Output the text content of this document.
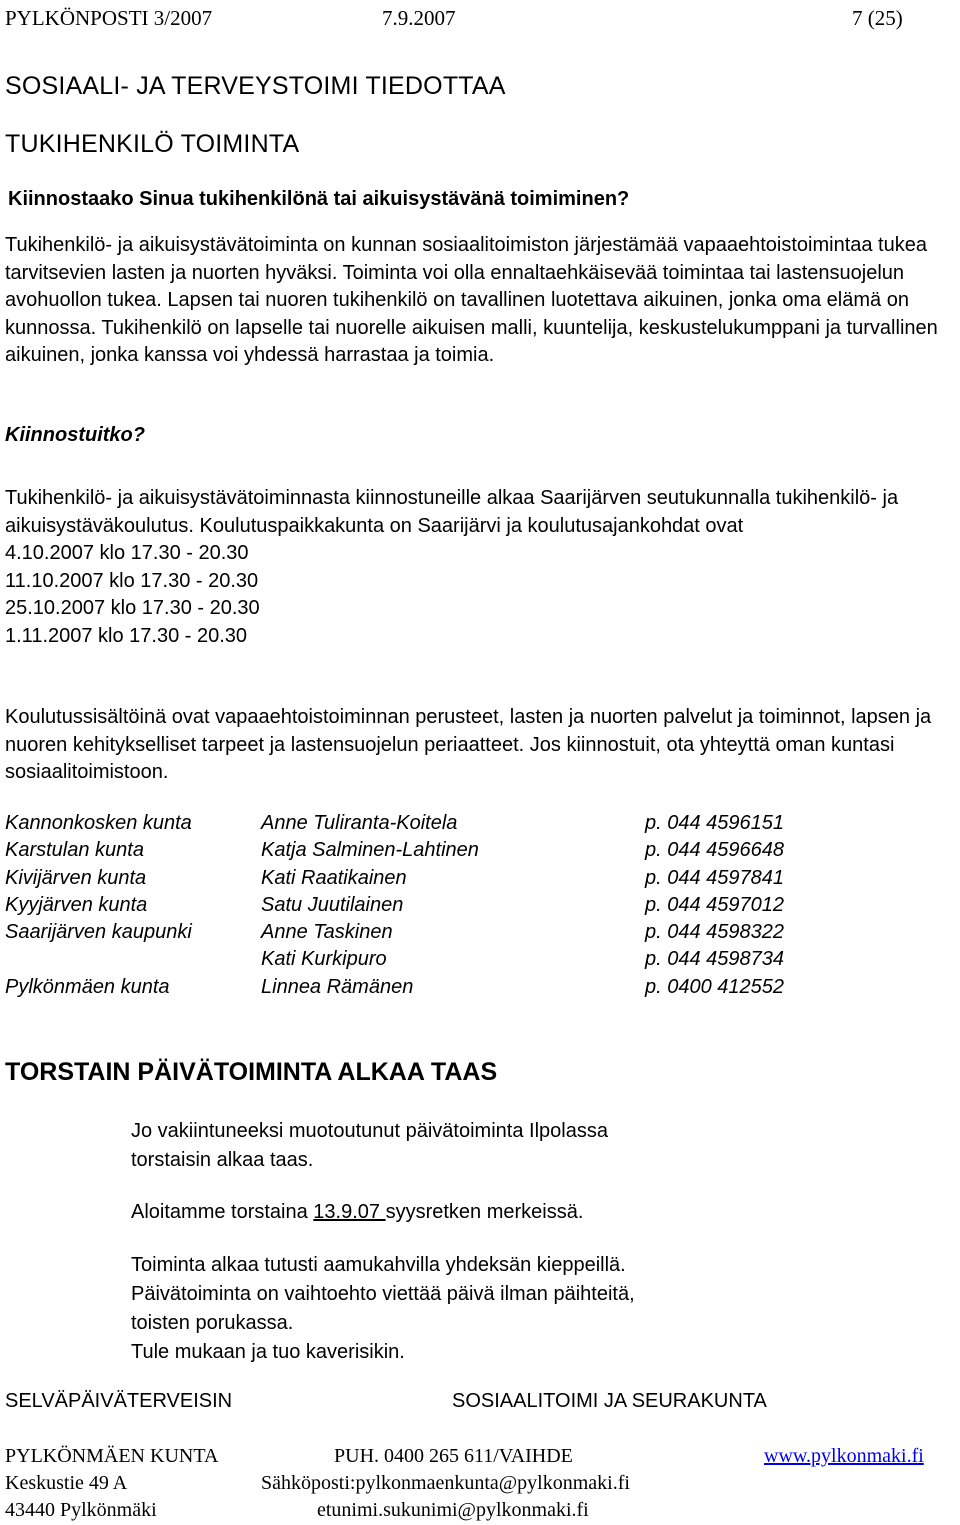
PYLKÖNPOSTI 3/2007	7.9.2007	7 (25)
SOSIAALI- JA TERVEYSTOIMI TIEDOTTAA
TUKIHENKILÖ TOIMINTA
Kiinnostaako Sinua tukihenkilönä tai aikuisystävänä toimiminen?

Tukihenkilö- ja aikuisystävätoiminta on kunnan sosiaalitoimiston järjestämää vapaaehtoistoimintaa tukea tarvitsevien lasten ja nuorten hyväksi. Toiminta voi olla ennaltaehkäisevää toimintaa tai lastensuojelun avohuollon tukea. Lapsen tai nuoren tukihenkilö on tavallinen luotettava aikuinen, jonka oma elämä on kunnossa. Tukihenkilö on lapselle tai nuorelle aikuisen malli, kuuntelija, keskustelukumppani ja turvallinen aikuinen, jonka kanssa voi yhdessä harrastaa ja toimia.

Kiinnostuitko?

Tukihenkilö- ja aikuisystävätoiminnasta kiinnostuneille alkaa Saarijärven seutukunnalla tukihenkilö- ja aikuisystäväkoulutus. Koulutuspaikkakunta on Saarijärvi ja koulutusajankohdat ovat

4.10.2007 klo 17.30 - 20.30

11.10.2007 klo 17.30 - 20.30

25.10.2007 klo 17.30 - 20.30

1.11.2007 klo 17.30 - 20.30

Koulutussisältöinä ovat vapaaehtoistoiminnan perusteet, lasten ja nuorten palvelut ja toiminnot, lapsen ja nuoren kehitykselliset tarpeet ja lastensuojelun periaatteet. Jos kiinnostuit, ota yhteyttä oman kuntasi sosiaalitoimistoon.

Kannonkosken kunta	Anne Tuliranta-Koitela	p. 044 4596151
Karstulan kunta	Katja Salminen-Lahtinen	p. 044 4596648
Kivijärven kunta	Kati Raatikainen	p. 044 4597841
Kyyjärven kunta	Satu Juutilainen	p. 044 4597012
Saarijärven kaupunki	Anne Taskinen	p. 044 4598322
	Kati Kurkipuro	p. 044 4598734
Pylkönmäen kunta	Linnea Rämänen	p. 0400 412552
TORSTAIN PÄIVÄTOIMINTA ALKAA TAAS

Jo vakiintuneeksi muotoutunut päivätoiminta Ilpolassa

torstaisin alkaa taas.

Aloitamme torstaina 13.9.07 syysretken merkeissä.

Toiminta alkaa tutusti aamukahvilla yhdeksän kieppeillä.

Päivätoiminta on vaihtoehto viettää päivä ilman päihteitä,

toisten porukassa.

Tule mukaan ja tuo kaverisikin.

SELVÄPÄIVÄTERVEISIN	SOSIAALITOIMI JA SEURAKUNTA
PYLKÖNMÄEN KUNTA	PUH. 0400 265 611/VAIHDE	www.pylkonmaki.fi
Keskustie 49 A	Sähköposti:pylkonmaenkunta@pylkonmaki.fi
43440 Pylkönmäki	etunimi.sukunimi@pylkonmaki.fi
